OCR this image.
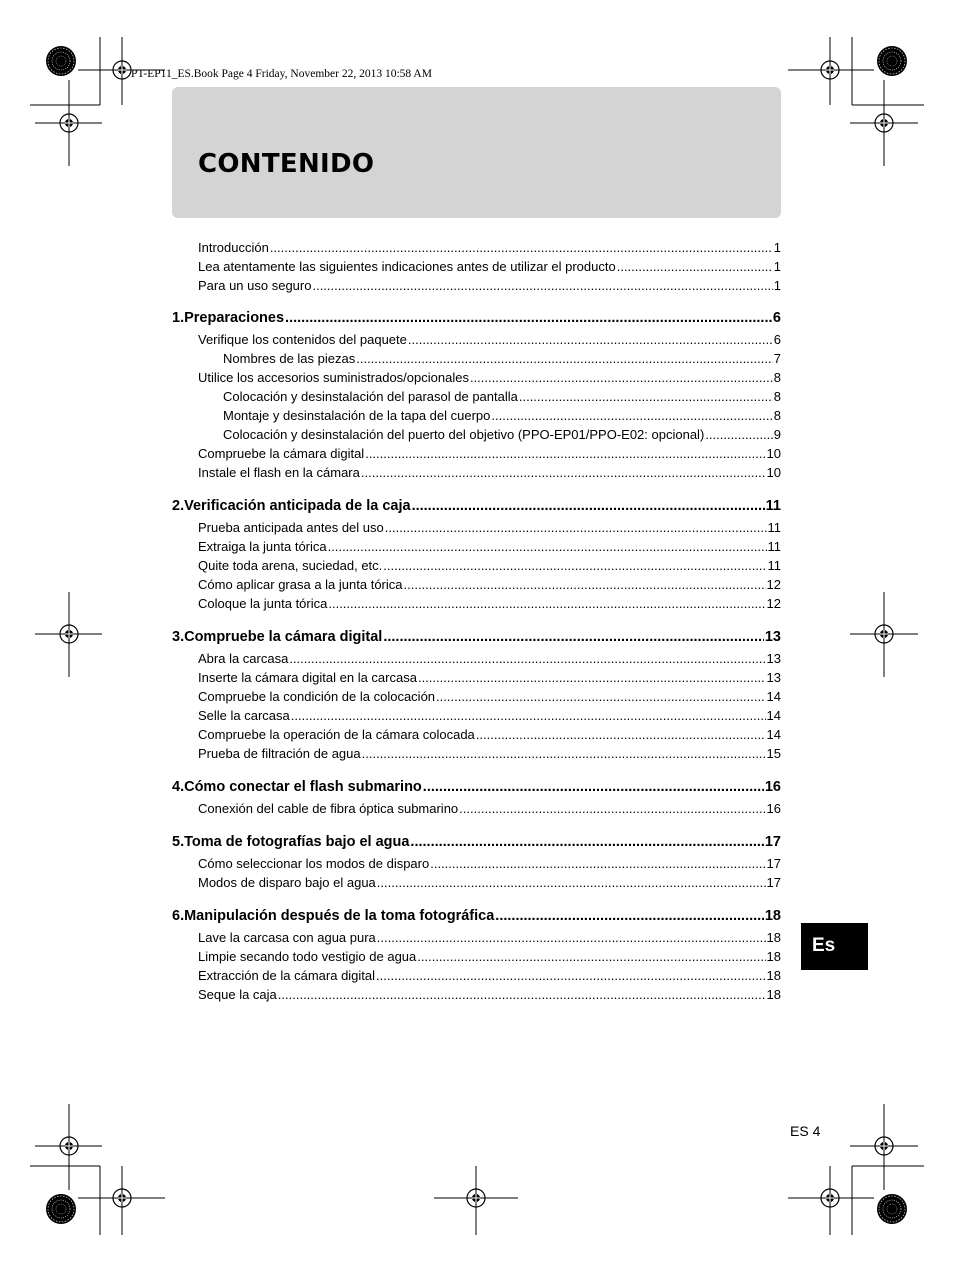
PT-EP11_ES.Book Page 4 Friday, November 22, 2013 10:58 AM
CONTENIDO
Introducción .....	1
Lea atentamente las siguientes indicaciones antes de utilizar el producto .....	1
Para un uso seguro .....	1
1.Preparaciones .....	6
Verifique los contenidos del paquete .....	6
Nombres de las piezas .....	7
Utilice los accesorios suministrados/opcionales .....	8
Colocación y desinstalación del parasol de pantalla .....	8
Montaje y desinstalación de la tapa del cuerpo .....	8
Colocación y desinstalación del puerto del objetivo (PPO-EP01/PPO-E02: opcional) .....	9
Compruebe la cámara digital .....	10
Instale el flash en la cámara .....	10
2.Verificación anticipada de la caja .....	11
Prueba anticipada antes del uso .....	11
Extraiga la junta tórica .....	11
Quite toda arena, suciedad, etc. .....	11
Cómo aplicar grasa a la junta tórica .....	12
Coloque la junta tórica .....	12
3.Compruebe la cámara digital .....	13
Abra la carcasa .....	13
Inserte la cámara digital en la carcasa .....	13
Compruebe la condición de la colocación .....	14
Selle la carcasa .....	14
Compruebe la operación de la cámara colocada .....	14
Prueba de filtración de agua .....	15
4.Cómo conectar el flash submarino .....	16
Conexión del cable de fibra óptica submarino .....	16
5.Toma de fotografías bajo el agua .....	17
Cómo seleccionar los modos de disparo .....	17
Modos de disparo bajo el agua .....	17
6.Manipulación después de la toma fotográfica .....	18
Lave la carcasa con agua pura .....	18
Limpie secando todo vestigio de agua .....	18
Extracción de la cámara digital .....	18
Seque la caja .....	18
Es
ES 4
